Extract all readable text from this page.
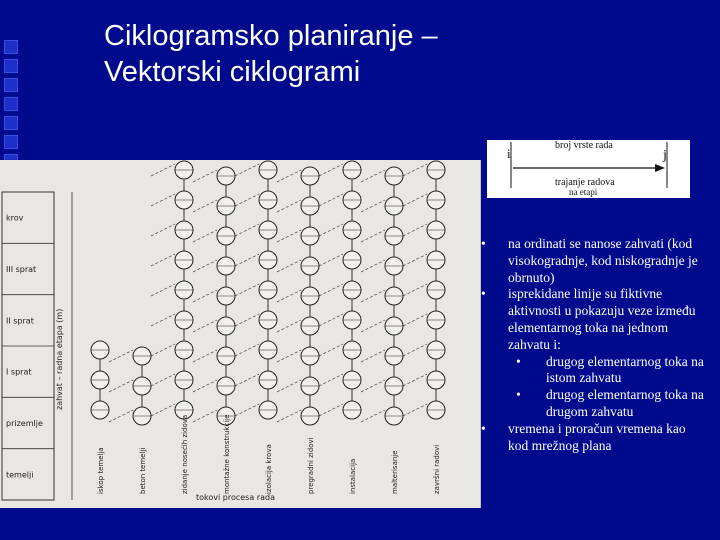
Ciklogramsko planiranje –
Vektorski ciklogrami
i	j
broj vrste rada
trajanje radova
na etapi
krov
III sprat
II sprat
I sprat
prizemlje
temelji	iskop temelja	beton temelji	zidanje nosećih zidova	montažne konstrukcije	izolacija krova	pregradni zidovi	instalacija	malterisanje	završni radovi
zahvat – radna etapa (m)
tokovi procesa rada
• na ordinati se nanose zahvati (kod visokogradnje, kod niskogradnje je obrnuto)
• isprekidane linije su fiktivne aktivnosti u pokazuju veze između elementarnog toka na jednom zahvatu i:
•	drugog elementarnog toka na istom zahvatu
•	drugog elementarnog toka na drugom zahvatu
• vremena i proračun vremena kao kod mrežnog plana
